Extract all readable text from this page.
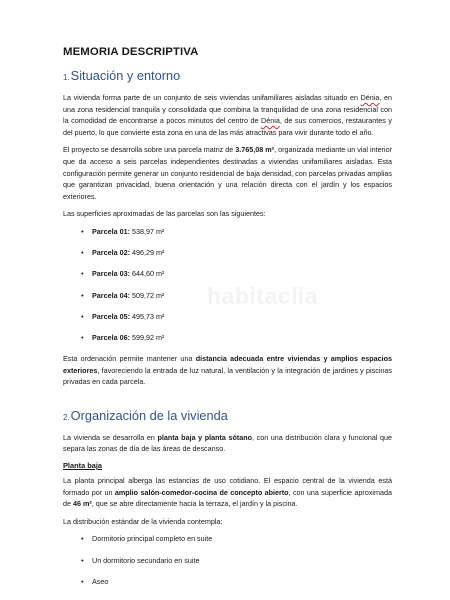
MEMORIA DESCRIPTIVA
1.Situación y entorno

La vivienda forma parte de un conjunto de seis viviendas unifamiliares aisladas situado en Dénia, en una zona residencial tranquila y consolidada que combina la tranquilidad de una zona residencial con la comodidad de encontrarse a pocos minutos del centro de Dénia, de sus comercios, restaurantes y del puerto, lo que convierte esta zona en una de las más atractivas para vivir durante todo el año.

El proyecto se desarrolla sobre una parcela matriz de 3.765,08 m², organizada mediante un vial interior que da acceso a seis parcelas independientes destinadas a viviendas unifamiliares aisladas. Esta configuración permite generar un conjunto residencial de baja densidad, con parcelas privadas amplias que garantizan privacidad, buena orientación y una relación directa con el jardín y los espacios exteriores.

Las superficies aproximadas de las parcelas son las siguientes:

• Parcela 01: 538,97 m²
• Parcela 02: 496,29 m²
• Parcela 03: 644,60 m²
• Parcela 04: 509,72 m²
• Parcela 05: 495,73 m²
• Parcela 06: 599,92 m²

Esta ordenación permite mantener una distancia adecuada entre viviendas y amplios espacios exteriores, favoreciendo la entrada de luz natural, la ventilación y la integración de jardines y piscinas privadas en cada parcela.

2.Organización de la vivienda

La vivienda se desarrolla en planta baja y planta sótano, con una distribución clara y funcional que separa las zonas de día de las áreas de descanso.

Planta baja

La planta principal alberga las estancias de uso cotidiano. El espacio central de la vivienda está formado por un amplio salón-comedor-cocina de concepto abierto, con una superficie aproximada de 46 m², que se abre directamente hacia la terraza, el jardín y la piscina.

La distribución estándar de la vivienda contempla:

• Dormitorio principal completo en suite
• Un dormitorio secundario en suite
• Aseo
